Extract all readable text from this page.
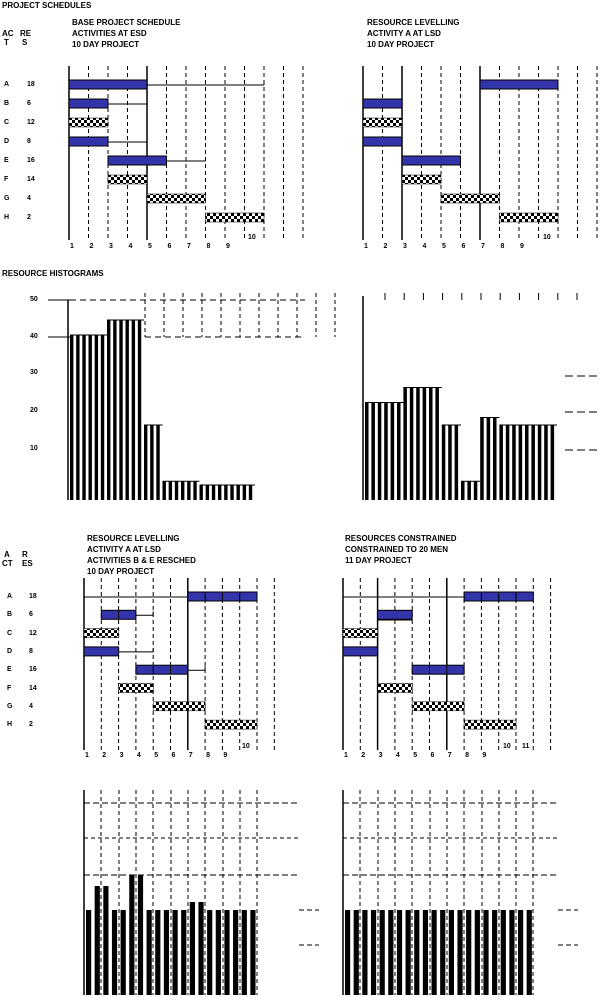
PROJECT SCHEDULES
RESOURCE HISTOGRAMS
BASE PROJECT SCHEDULE
ACTIVITIES AT ESD
10 DAY PROJECT
AC
T
RE
S
RESOURCE LEVELLING
ACTIVITY A AT LSD
10 DAY PROJECT
RESOURCE LEVELLING
ACTIVITY A AT LSD
ACTIVITIES B & E RESCHED
10 DAY PROJECT
A
CT
R
ES
RESOURCES CONSTRAINED
CONSTRAINED TO 20 MEN
11 DAY PROJECT
A	18
A 18
B	6
B 6
C	12
C 12
D	8
D 8
E	16
E 16
F	14
F	14
G	4
G 4
H	2
H 2
1	1
1
2	2
2
3	3
3
4	4
4
5	5
5
6	6
6
7	7
7
8	8
8
9	9
9
10	10
10
1 2 3 4 5 6 7 8 9
10 11
50
40
30
20
10
